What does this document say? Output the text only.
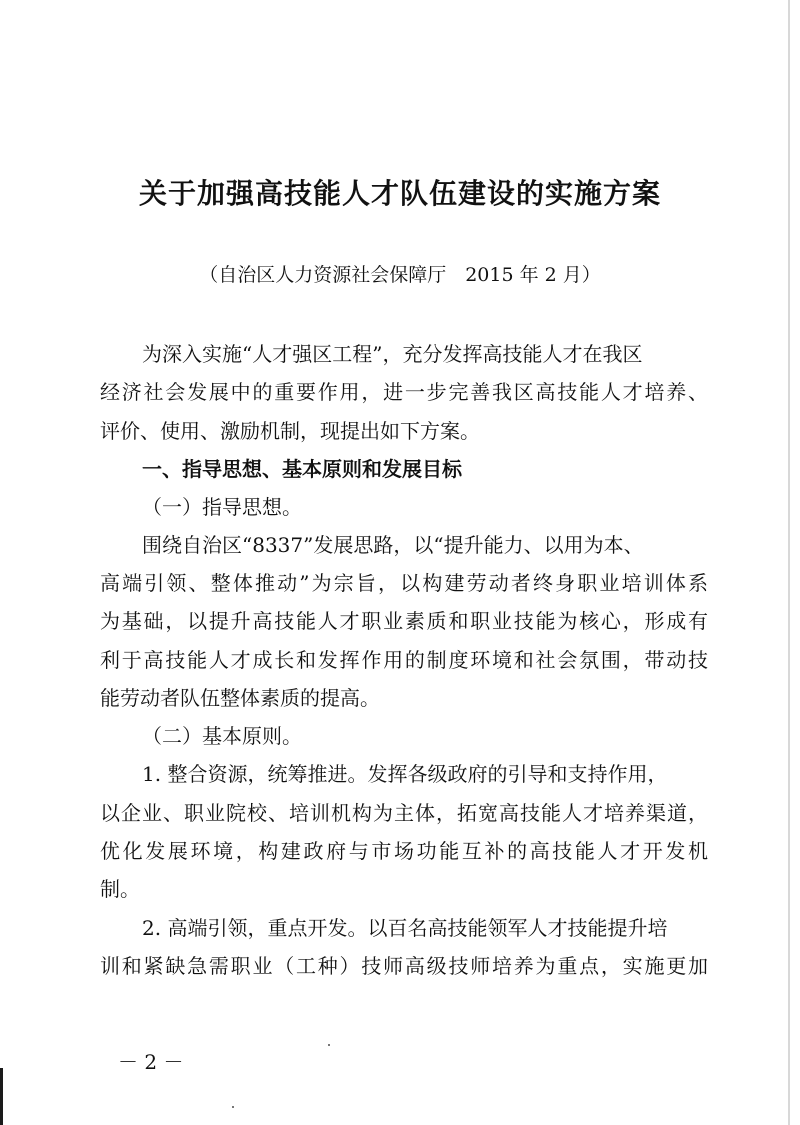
关于加强高技能人才队伍建设的实施方案
（自治区人力资源社会保障厅　2015 年 2 月）
为深入实施“人才强区工程”，充分发挥高技能人才在我区
经济社会发展中的重要作用，进一步完善我区高技能人才培养、
评价、使用、激励机制，现提出如下方案。
一、指导思想、基本原则和发展目标
（一）指导思想。
围绕自治区“8337”发展思路，以“提升能力、以用为本、
高端引领、整体推动”为宗旨，以构建劳动者终身职业培训体系
为基础，以提升高技能人才职业素质和职业技能为核心，形成有
利于高技能人才成长和发挥作用的制度环境和社会氛围，带动技
能劳动者队伍整体素质的提高。
（二）基本原则。
1. 整合资源，统筹推进。发挥各级政府的引导和支持作用，
以企业、职业院校、培训机构为主体，拓宽高技能人才培养渠道，
优化发展环境，构建政府与市场功能互补的高技能人才开发机
制。
2. 高端引领，重点开发。以百名高技能领军人才技能提升培
训和紧缺急需职业（工种）技师高级技师培养为重点，实施更加
－ 2 －
